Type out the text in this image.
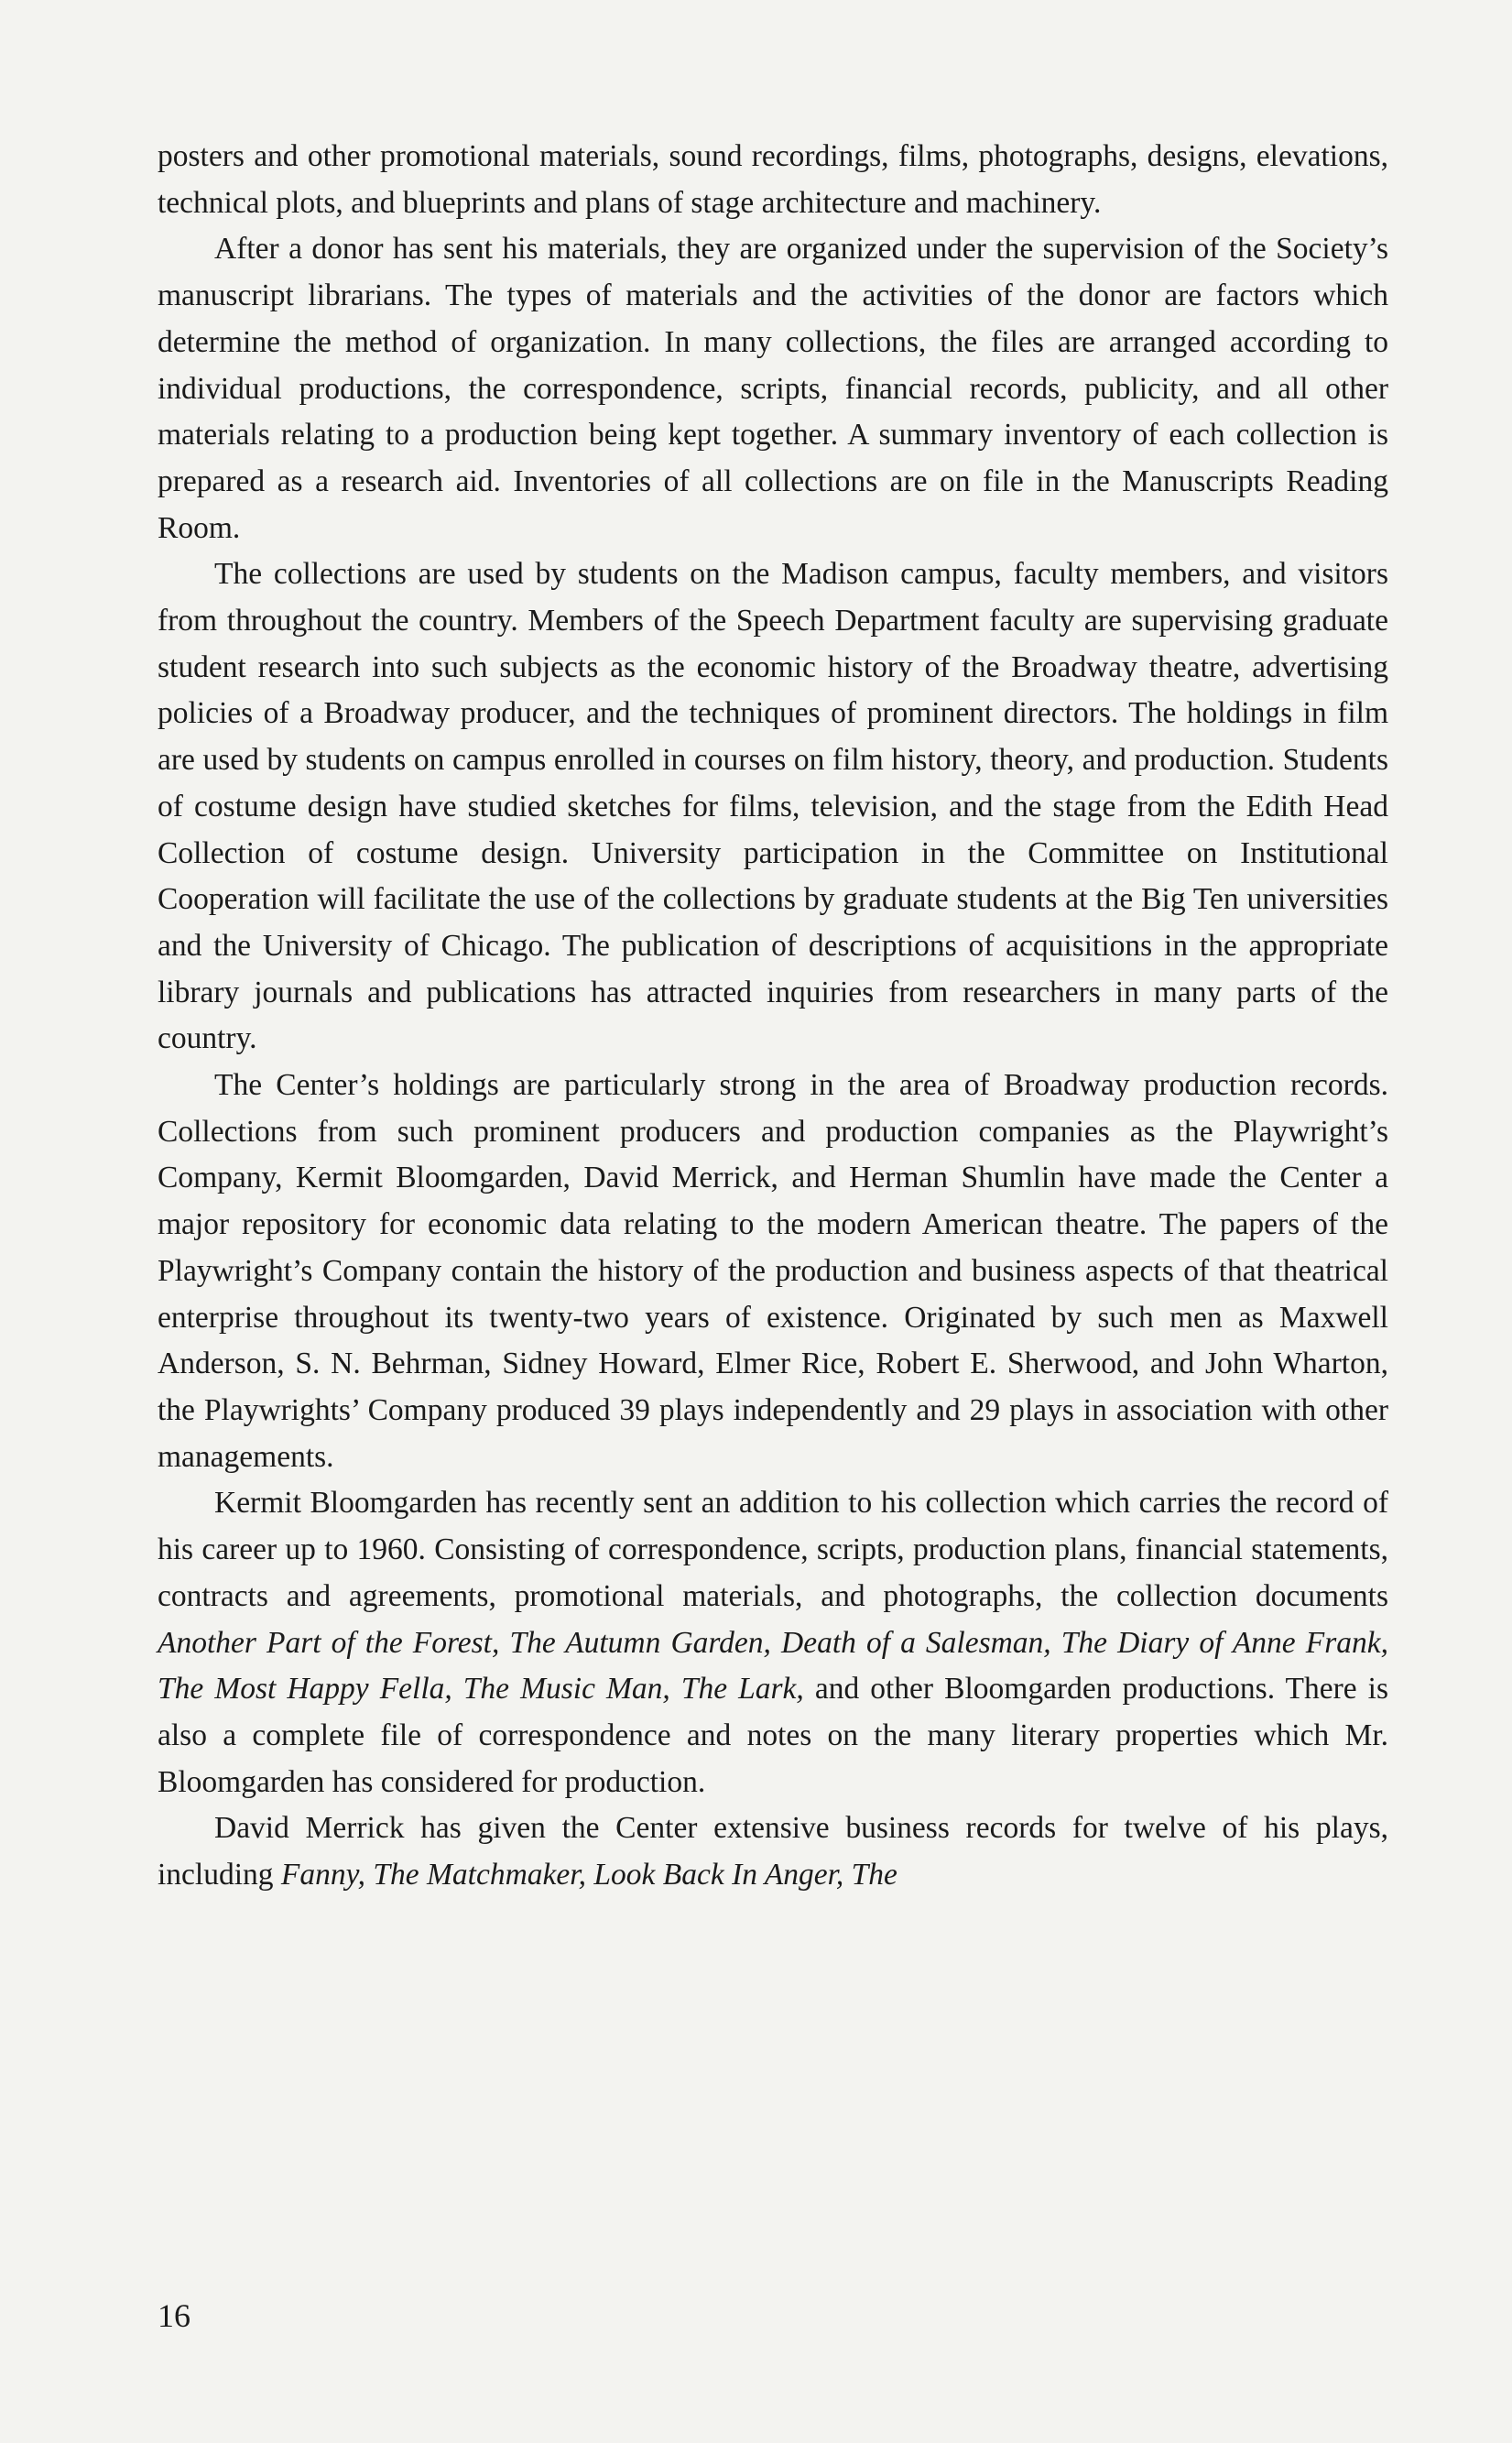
posters and other promotional materials, sound recordings, films, photographs, designs, elevations, technical plots, and blueprints and plans of stage architecture and machinery.

After a donor has sent his materials, they are organized under the supervision of the Society’s manuscript librarians. The types of materials and the activities of the donor are factors which determine the method of organization. In many collections, the files are arranged according to individual productions, the correspondence, scripts, financial records, publicity, and all other materials relating to a production being kept together. A summary inventory of each collection is prepared as a research aid. Inventories of all collections are on file in the Manuscripts Reading Room.

The collections are used by students on the Madison campus, faculty members, and visitors from throughout the country. Members of the Speech Department faculty are supervising graduate student research into such subjects as the economic history of the Broadway theatre, advertising policies of a Broadway producer, and the techniques of prominent directors. The holdings in film are used by students on campus enrolled in courses on film history, theory, and production. Students of costume design have studied sketches for films, television, and the stage from the Edith Head Collection of costume design. University participation in the Committee on Institutional Cooperation will facilitate the use of the collections by graduate students at the Big Ten universities and the University of Chicago. The publication of descriptions of acquisitions in the appropriate library journals and publications has attracted inquiries from researchers in many parts of the country.

The Center’s holdings are particularly strong in the area of Broadway production records. Collections from such prominent producers and production companies as the Playwright’s Company, Kermit Bloomgarden, David Merrick, and Herman Shumlin have made the Center a major repository for economic data relating to the modern American theatre. The papers of the Playwright’s Company contain the history of the production and business aspects of that theatrical enterprise throughout its twenty-two years of existence. Originated by such men as Maxwell Anderson, S. N. Behrman, Sidney Howard, Elmer Rice, Robert E. Sherwood, and John Wharton, the Playwrights’ Company produced 39 plays independently and 29 plays in association with other managements.

Kermit Bloomgarden has recently sent an addition to his collection which carries the record of his career up to 1960. Consisting of correspondence, scripts, production plans, financial statements, contracts and agreements, promotional materials, and photographs, the collection documents Another Part of the Forest, The Autumn Garden, Death of a Salesman, The Diary of Anne Frank, The Most Happy Fella, The Music Man, The Lark, and other Bloomgarden productions. There is also a complete file of correspondence and notes on the many literary properties which Mr. Bloomgarden has considered for production.

David Merrick has given the Center extensive business records for twelve of his plays, including Fanny, The Matchmaker, Look Back In Anger, The

16
